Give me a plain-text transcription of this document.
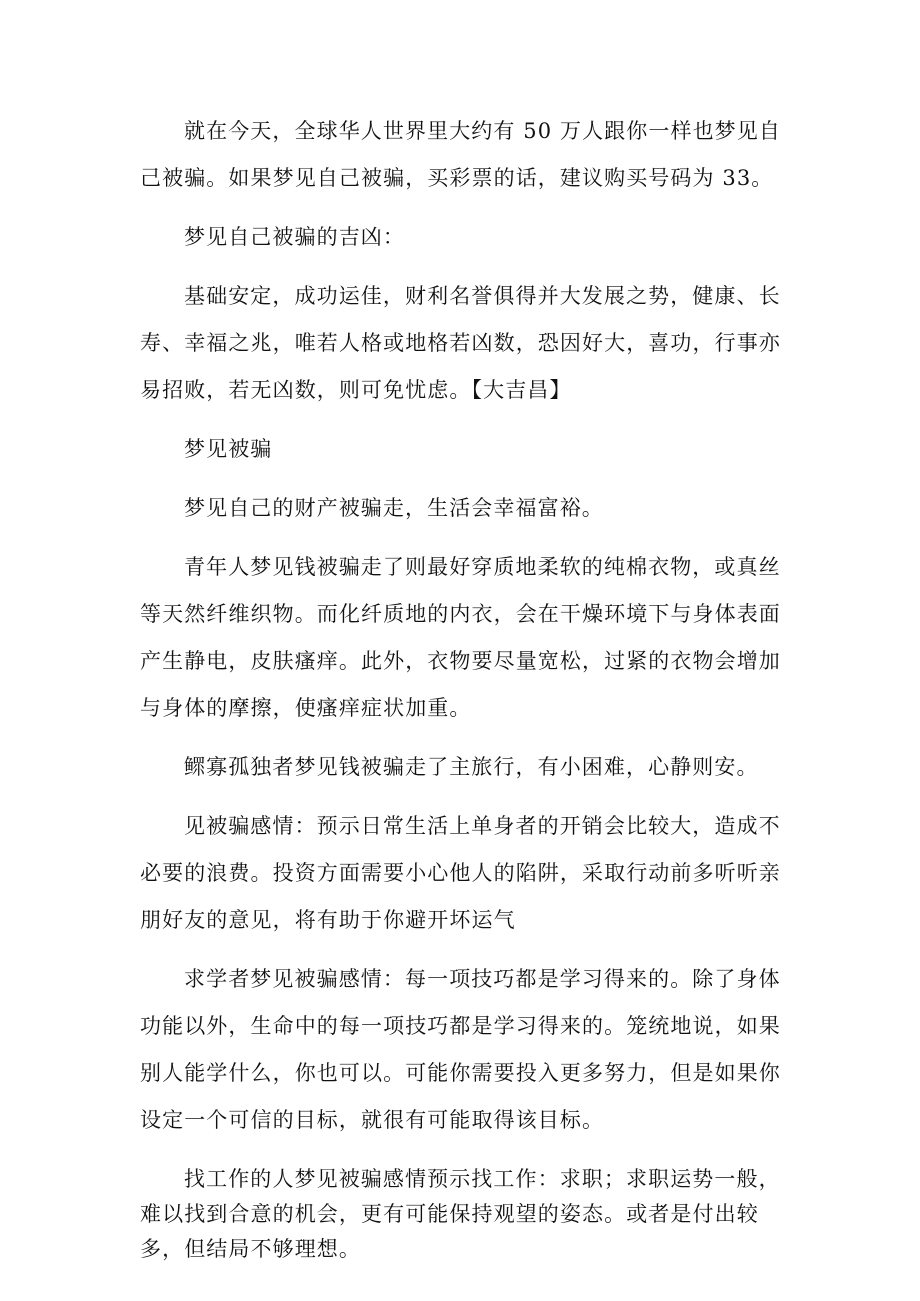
就在今天，全球华人世界里大约有 50 万人跟你一样也梦见自己被骗。如果梦见自己被骗，买彩票的话，建议购买号码为 33。

梦见自己被骗的吉凶：

基础安定，成功运佳，财利名誉俱得并大发展之势，健康、长寿、幸福之兆，唯若人格或地格若凶数，恐因好大，喜功，行事亦易招败，若无凶数，则可免忧虑。【大吉昌】

梦见被骗

梦见自己的财产被骗走，生活会幸福富裕。

青年人梦见钱被骗走了则最好穿质地柔软的纯棉衣物，或真丝等天然纤维织物。而化纤质地的内衣，会在干燥环境下与身体表面产生静电，皮肤瘙痒。此外，衣物要尽量宽松，过紧的衣物会增加与身体的摩擦，使瘙痒症状加重。

鳏寡孤独者梦见钱被骗走了主旅行，有小困难，心静则安。

见被骗感情：预示日常生活上单身者的开销会比较大，造成不必要的浪费。投资方面需要小心他人的陷阱，采取行动前多听听亲朋好友的意见，将有助于你避开坏运气

求学者梦见被骗感情：每一项技巧都是学习得来的。除了身体功能以外，生命中的每一项技巧都是学习得来的。笼统地说，如果别人能学什么，你也可以。可能你需要投入更多努力，但是如果你设定一个可信的目标，就很有可能取得该目标。

找工作的人梦见被骗感情预示找工作：求职；求职运势一般，难以找到合意的机会，更有可能保持观望的姿态。或者是付出较多，但结局不够理想。
